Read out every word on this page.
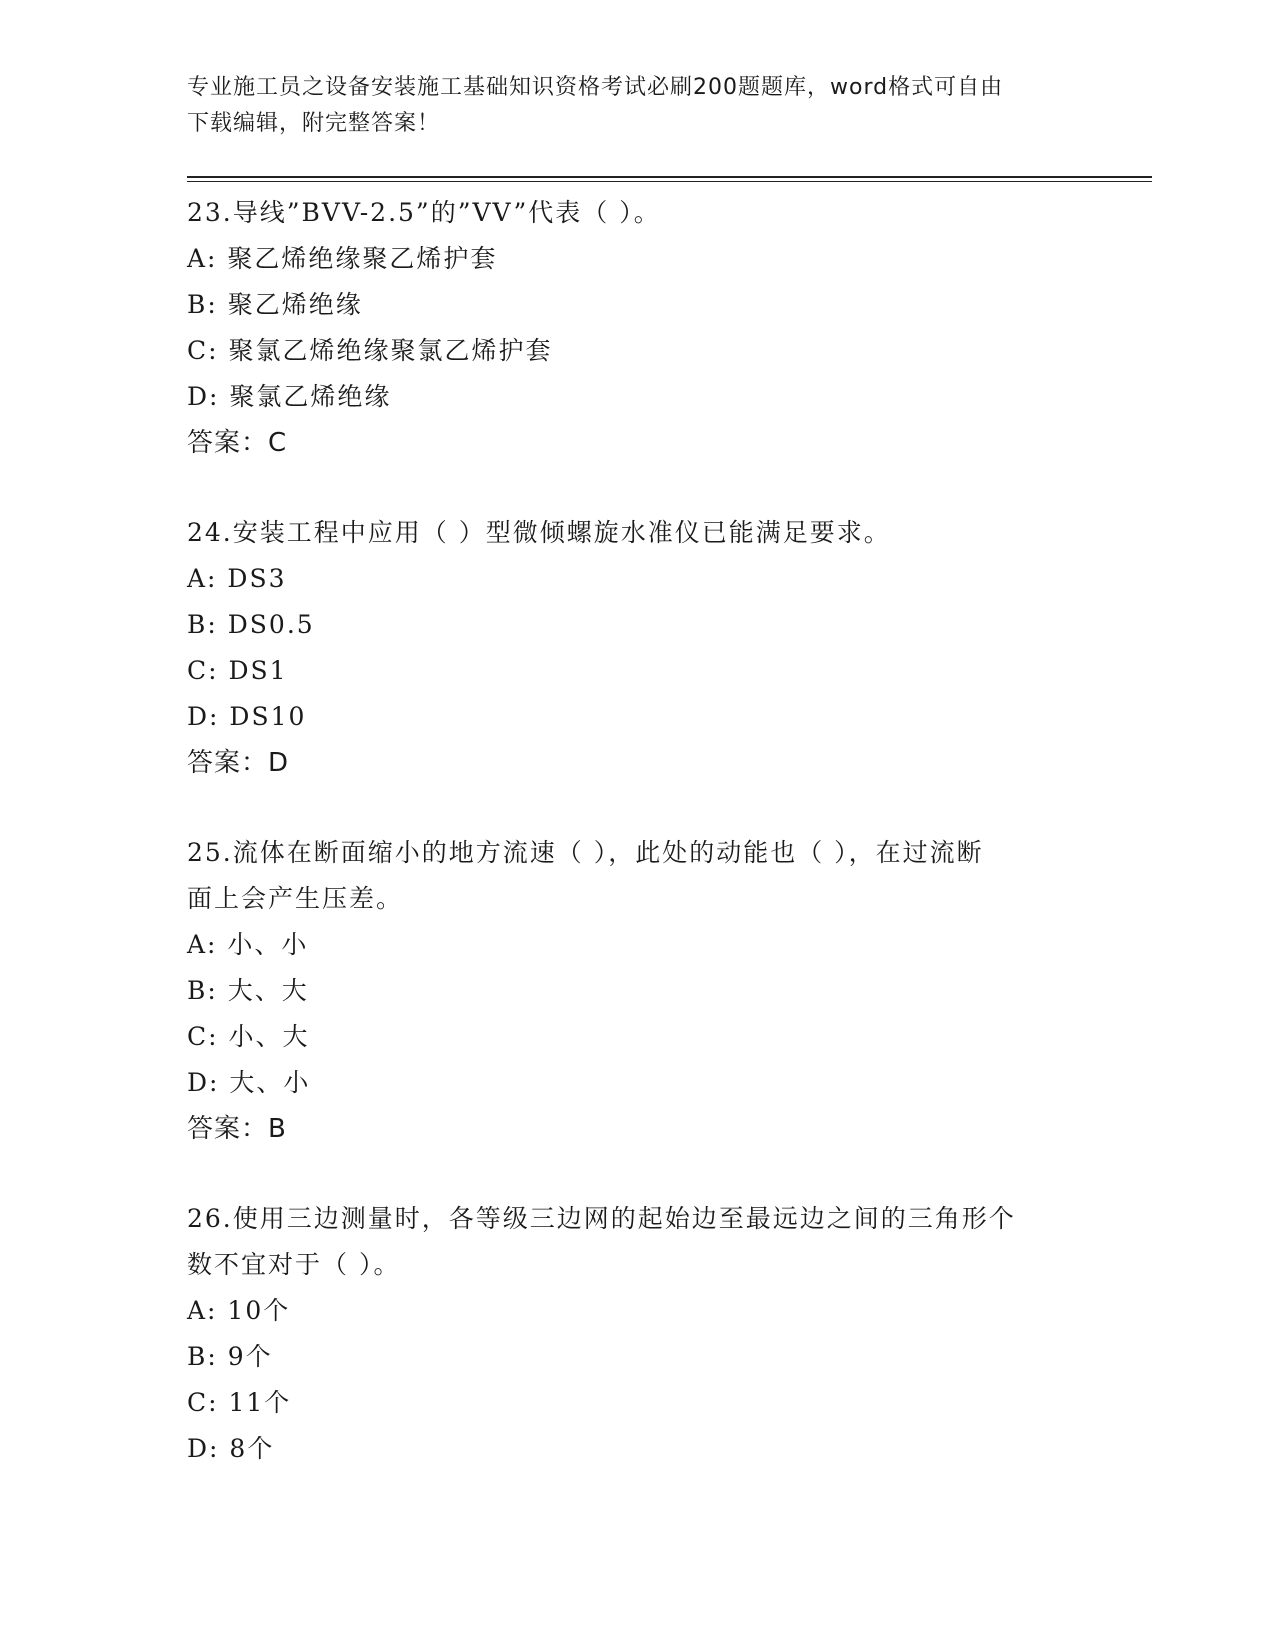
专业施工员之设备安装施工基础知识资格考试必刷200题题库，word格式可自由
下载编辑，附完整答案！
23.导线”BVV-2.5”的”VV”代表（ ）。
A: 聚乙烯绝缘聚乙烯护套
B: 聚乙烯绝缘
C: 聚氯乙烯绝缘聚氯乙烯护套
D: 聚氯乙烯绝缘
答案：C
24.安装工程中应用（ ）型微倾螺旋水准仪已能满足要求。
A: DS3
B: DS0.5
C: DS1
D: DS10
答案：D
25.流体在断面缩小的地方流速（ ），此处的动能也（ ），在过流断
面上会产生压差。
A: 小、小
B: 大、大
C: 小、大
D: 大、小
答案：B
26.使用三边测量时，各等级三边网的起始边至最远边之间的三角形个
数不宜对于（ ）。
A: 10个
B: 9个
C: 11个
D: 8个
